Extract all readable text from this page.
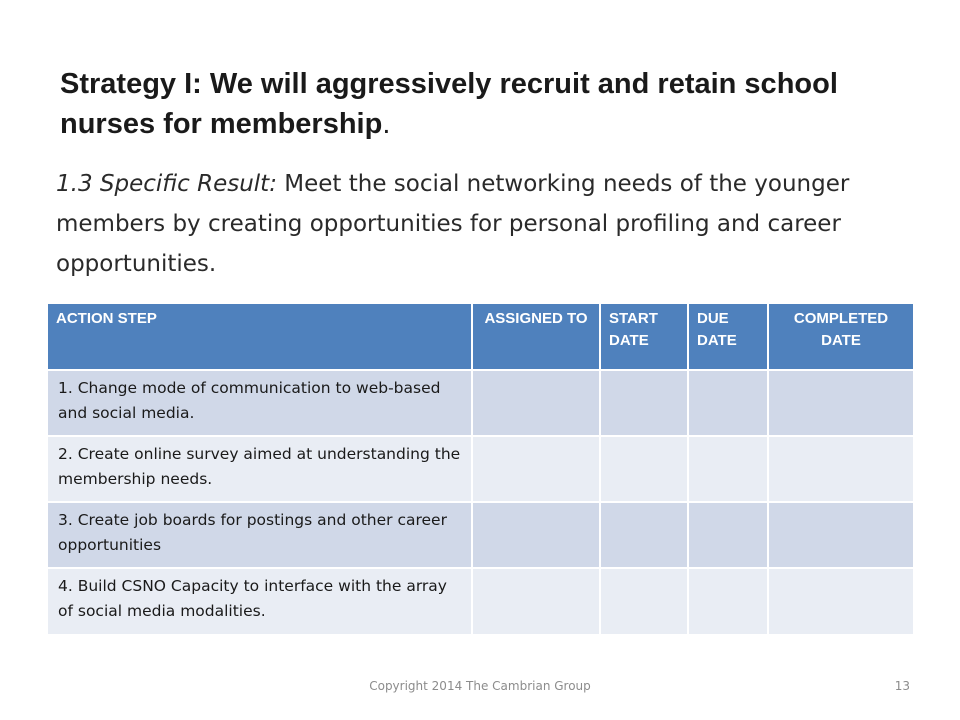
Strategy I: We will aggressively recruit and retain school nurses for membership.

1.3 Specific Result: Meet the social networking needs of the younger members by creating opportunities for personal profiling and career opportunities.

ACTION STEP	ASSIGNED TO	START DATE	DUE DATE	COMPLETED DATE
1. Change mode of communication to web-based and social media.				
2. Create online survey aimed at understanding the membership needs.				
3. Create job boards for postings and other career opportunities				
4. Build CSNO Capacity to interface with the array of social media modalities.				
Copyright 2014 The Cambrian Group	13
